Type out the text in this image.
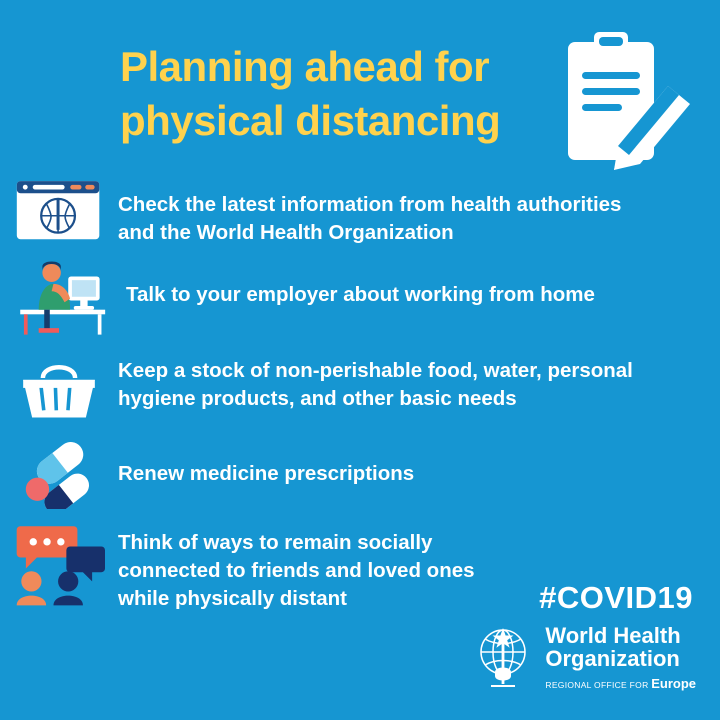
Planning ahead for
physical distancing
Check the latest information from health authorities and the World Health Organization
Talk to your employer about working from home
Keep a stock of non-perishable food, water, personal hygiene products, and other basic needs
Renew medicine prescriptions
Think of ways to remain socially connected to friends and loved ones while physically distant	#COVID19
World Health
Organization
REGIONAL OFFICE FOR Europe
